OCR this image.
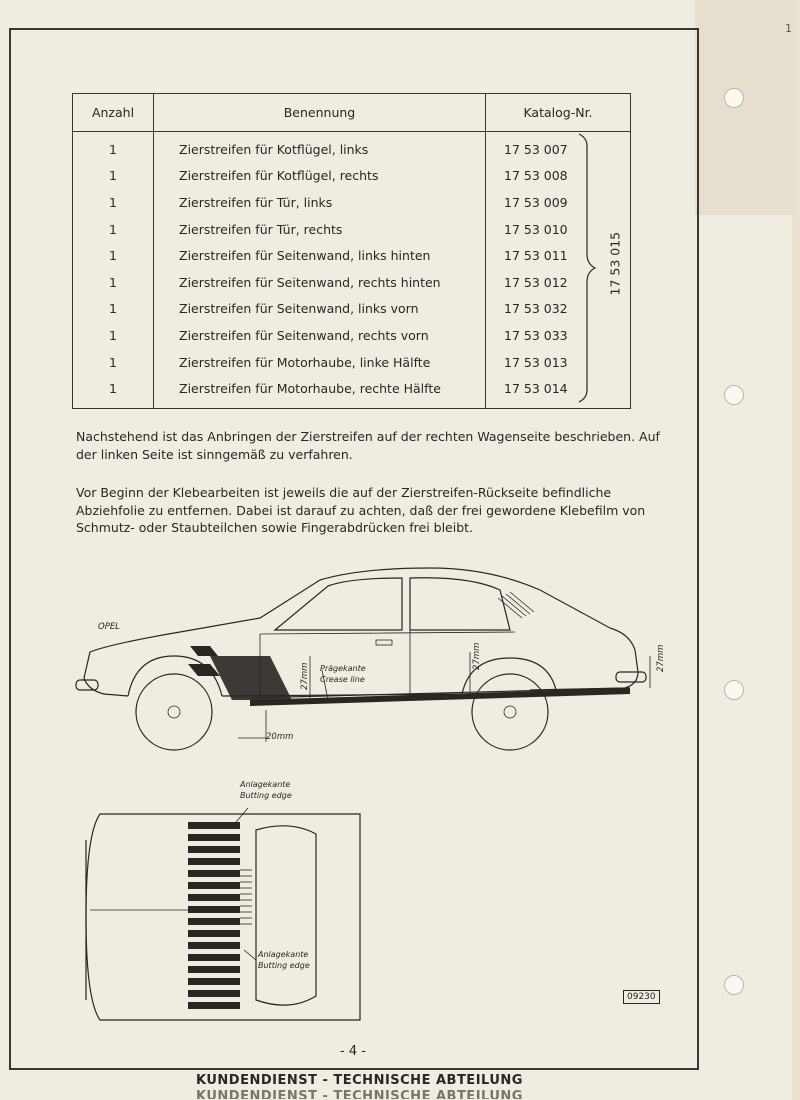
1
Anzahl	Benennung	Katalog-Nr.
1	Zierstreifen für Kotflügel, links	17 53 007
1	Zierstreifen für Kotflügel, rechts	17 53 008
1	Zierstreifen für Tür, links	17 53 009
1	Zierstreifen für Tür, rechts	17 53 010
1	Zierstreifen für Seitenwand, links hinten	17 53 011
1	Zierstreifen für Seitenwand, rechts hinten	17 53 012
1	Zierstreifen für Seitenwand, links vorn	17 53 032
1	Zierstreifen für Seitenwand, rechts vorn	17 53 033
1	Zierstreifen für Motorhaube, linke Hälfte	17 53 013
1	Zierstreifen für Motorhaube, rechte Hälfte	17 53 014
17 53 015
Nachstehend ist das Anbringen der Zierstreifen auf der rechten Wagenseite beschrieben. Auf der linken Seite ist sinngemäß zu verfahren.
Vor Beginn der Klebearbeiten ist jeweils die auf der Zierstreifen-Rückseite befindliche Abziehfolie zu entfernen. Dabei ist darauf zu achten, daß der frei gewordene Klebefilm von Schmutz- oder Staubteilchen sowie Fingerabdrücken frei bleibt.
OPEL
Prägekante
Crease line
27mm
27mm	27mm
20mm
Anlagekante
Butting edge
Anlagekante
Butting edge
09230
- 4 -
KUNDENDIENST - TECHNISCHE ABTEILUNG
KUNDENDIENST - TECHNISCHE ABTEILUNG
